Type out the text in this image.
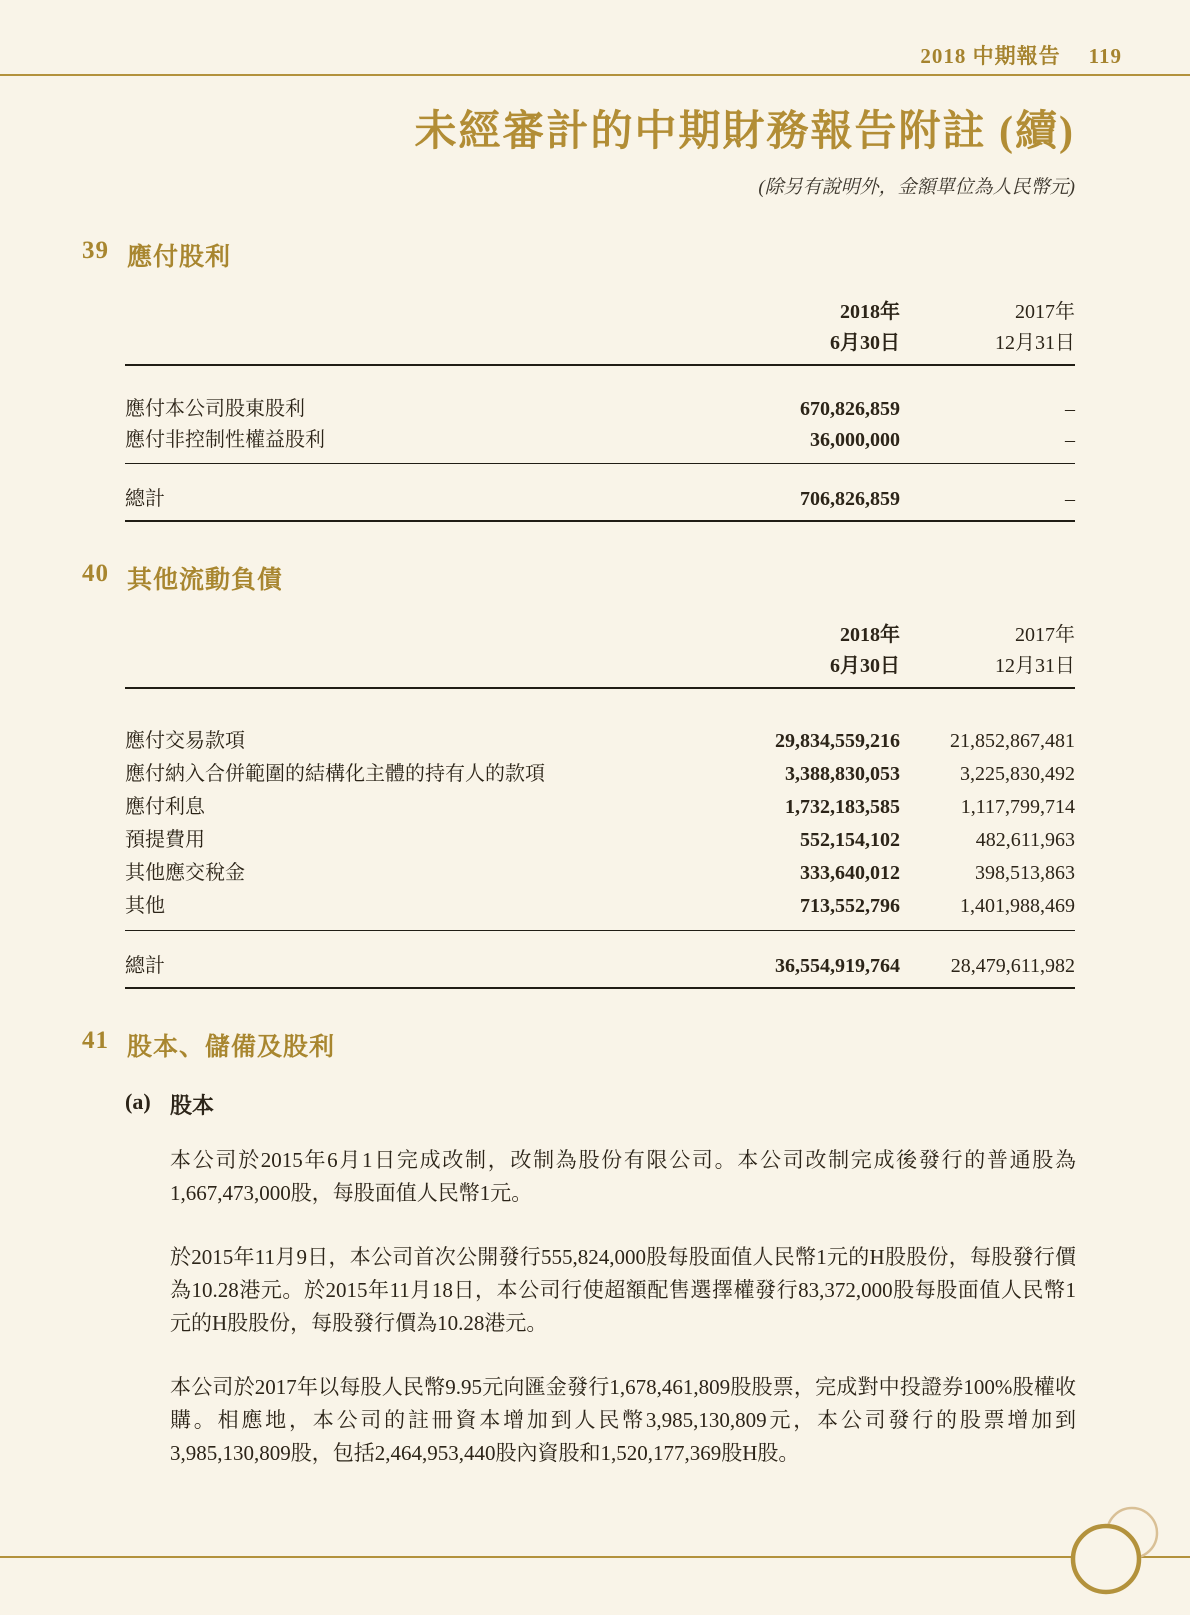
2018 中期報告 119
未經審計的中期財務報告附註 (續)
(除另有說明外，金額單位為人民幣元)
39 應付股利
2018年	2017年
6月30日	12月31日
應付本公司股東股利	670,826,859	–
應付非控制性權益股利	36,000,000	–
總計	706,826,859	–
40 其他流動負債
2018年	2017年
6月30日	12月31日
應付交易款項	29,834,559,216	21,852,867,481
應付納入合併範圍的結構化主體的持有人的款項	3,388,830,053	3,225,830,492
應付利息	1,732,183,585	1,117,799,714
預提費用	552,154,102	482,611,963
其他應交稅金	333,640,012	398,513,863
其他	713,552,796	1,401,988,469
總計	36,554,919,764	28,479,611,982
41 股本、儲備及股利
(a) 股本

本公司於2015年6月1日完成改制，改制為股份有限公司。本公司改制完成後發行的普通股為1,667,473,000股，每股面值人民幣1元。

於2015年11月9日，本公司首次公開發行555,824,000股每股面值人民幣1元的H股股份，每股發行價為10.28港元。於2015年11月18日，本公司行使超額配售選擇權發行83,372,000股每股面值人民幣1元的H股股份，每股發行價為10.28港元。

本公司於2017年以每股人民幣9.95元向匯金發行1,678,461,809股股票，完成對中投證券100%股權收購。相應地，本公司的註冊資本增加到人民幣3,985,130,809元，本公司發行的股票增加到3,985,130,809股，包括2,464,953,440股內資股和1,520,177,369股H股。
